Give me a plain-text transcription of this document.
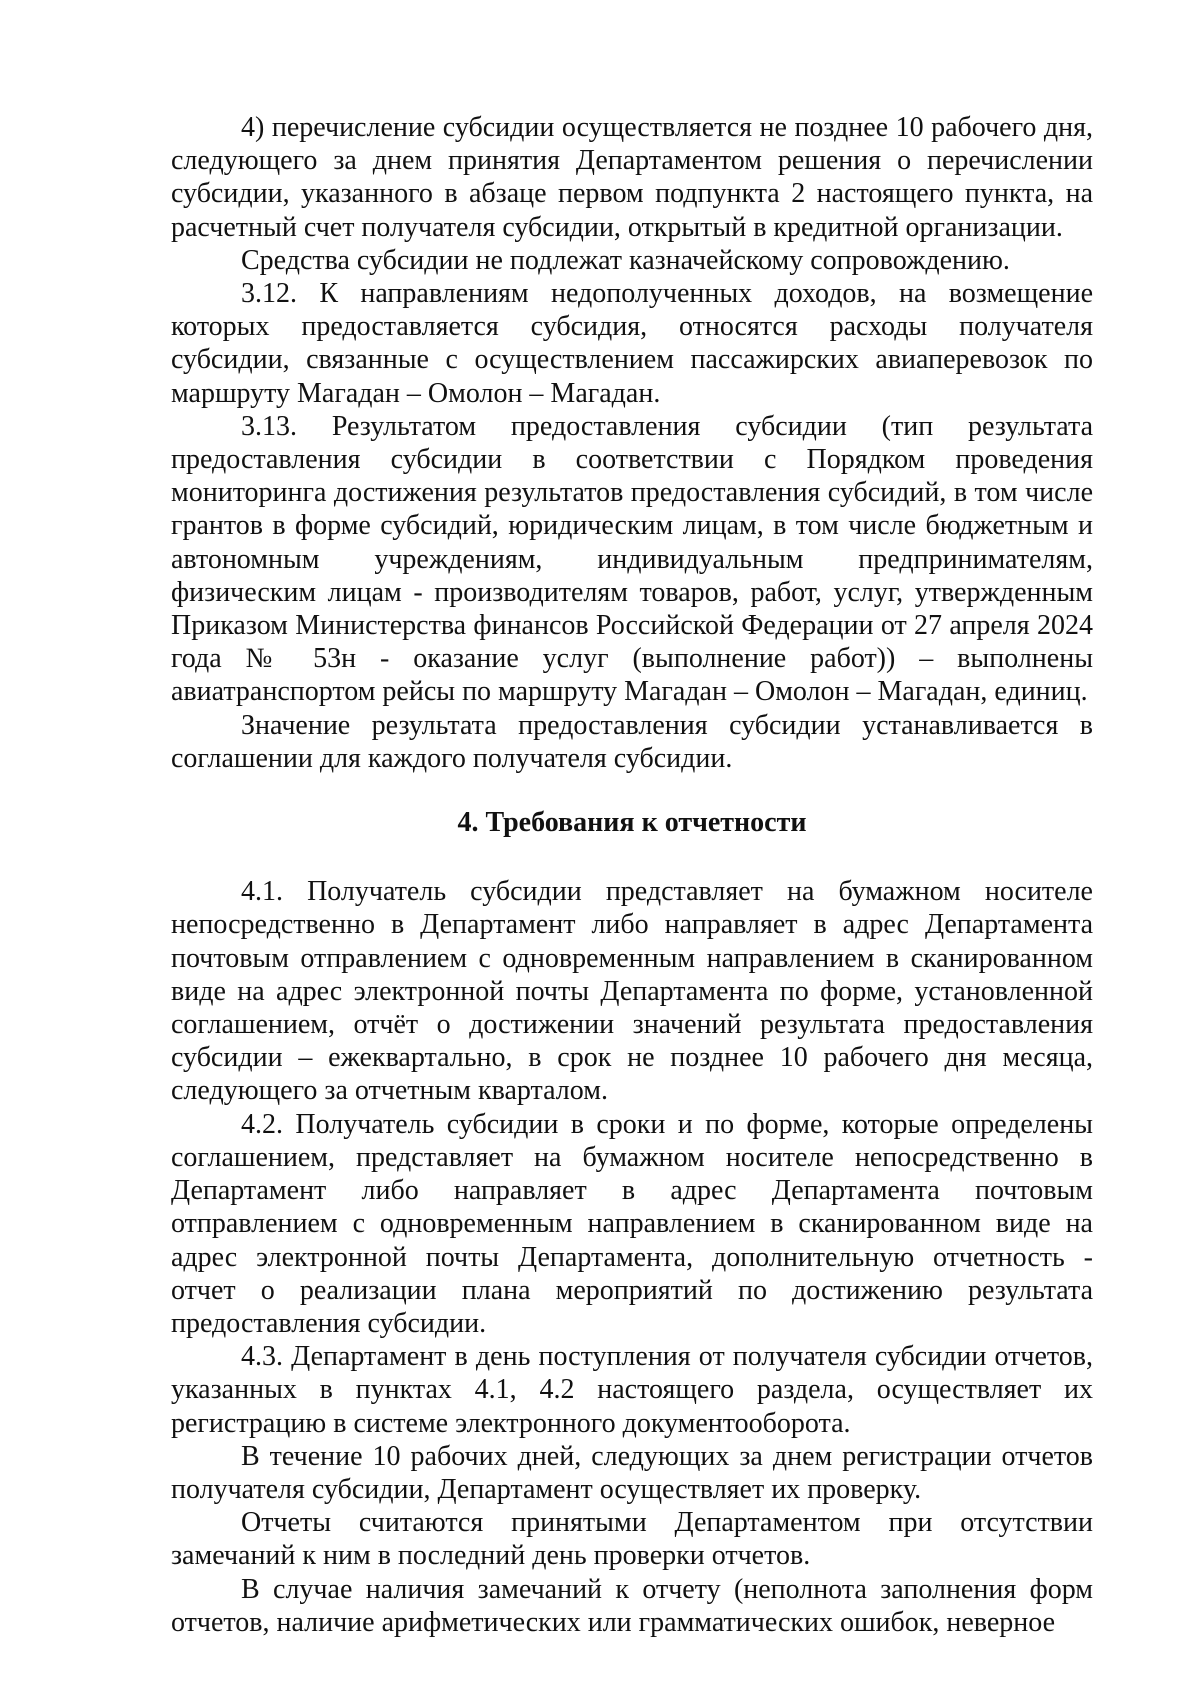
4) перечисление субсидии осуществляется не позднее 10 рабочего дня, следующего за днем принятия Департаментом решения о перечислении субсидии, указанного в абзаце первом подпункта 2 настоящего пункта, на расчетный счет получателя субсидии, открытый в кредитной организации.

Средства субсидии не подлежат казначейскому сопровождению.

3.12. К направлениям недополученных доходов, на возмещение которых предоставляется субсидия, относятся расходы получателя субсидии, связанные с осуществлением пассажирских авиаперевозок по маршруту Магадан – Омолон – Магадан.

3.13. Результатом предоставления субсидии (тип результата предоставления субсидии в соответствии с Порядком проведения мониторинга достижения результатов предоставления субсидий, в том числе грантов в форме субсидий, юридическим лицам, в том числе бюджетным и автономным учреждениям, индивидуальным предпринимателям, физическим лицам - производителям товаров, работ, услуг, утвержденным Приказом Министерства финансов Российской Федерации от 27 апреля 2024 года № 53н - оказание услуг (выполнение работ)) – выполнены авиатранспортом рейсы по маршруту Магадан – Омолон – Магадан, единиц.

Значение результата предоставления субсидии устанавливается в соглашении для каждого получателя субсидии.

4. Требования к отчетности

4.1. Получатель субсидии представляет на бумажном носителе непосредственно в Департамент либо направляет в адрес Департамента почтовым отправлением с одновременным направлением в сканированном виде на адрес электронной почты Департамента по форме, установленной соглашением, отчёт о достижении значений результата предоставления субсидии – ежеквартально, в срок не позднее 10 рабочего дня месяца, следующего за отчетным кварталом.

4.2. Получатель субсидии в сроки и по форме, которые определены соглашением, представляет на бумажном носителе непосредственно в Департамент либо направляет в адрес Департамента почтовым отправлением с одновременным направлением в сканированном виде на адрес электронной почты Департамента, дополнительную отчетность - отчет о реализации плана мероприятий по достижению результата предоставления субсидии.

4.3. Департамент в день поступления от получателя субсидии отчетов, указанных в пунктах 4.1, 4.2 настоящего раздела, осуществляет их регистрацию в системе электронного документооборота.

В течение 10 рабочих дней, следующих за днем регистрации отчетов получателя субсидии, Департамент осуществляет их проверку.

Отчеты считаются принятыми Департаментом при отсутствии замечаний к ним в последний день проверки отчетов.

В случае наличия замечаний к отчету (неполнота заполнения форм отчетов, наличие арифметических или грамматических ошибок, неверное
